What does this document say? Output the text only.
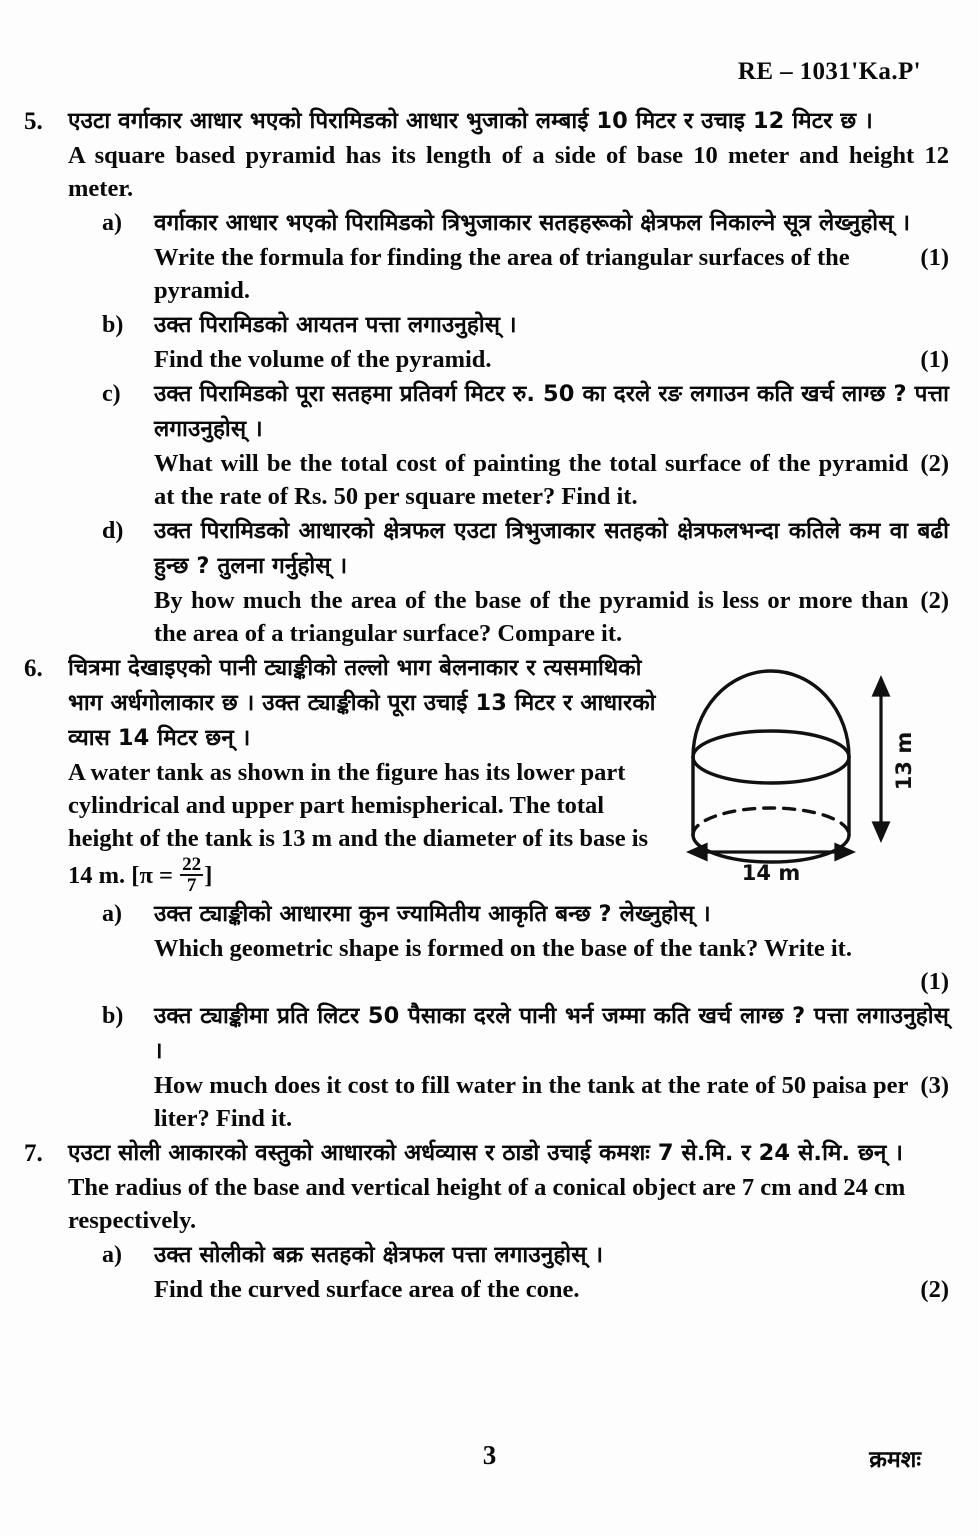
RE – 1031'Ka.P'
5.	एउटा वर्गाकार आधार भएको पिरामिडको आधार भुजाको लम्बाई 10 मिटर र उचाइ 12 मिटर छ ।
A square based pyramid has its length of a side of base 10 meter and height 12 meter.
a)	वर्गाकार आधार भएको पिरामिडको त्रिभुजाकार सतहहरूको क्षेत्रफल निकाल्ने सूत्र लेख्नुहोस् ।
(1)
Write the formula for finding the area of triangular surfaces of the pyramid.
b)	उक्त पिरामिडको आयतन पत्ता लगाउनुहोस् ।
(1)
Find the volume of the pyramid.
c)	उक्त पिरामिडको पूरा सतहमा प्रतिवर्ग मिटर रु. 50 का दरले रङ लगाउन कति खर्च लाग्छ ? पत्ता लगाउनुहोस् ।
(2)
What will be the total cost of painting the total surface of the pyramid at the rate of Rs. 50 per square meter? Find it.
d)	उक्त पिरामिडको आधारको क्षेत्रफल एउटा त्रिभुजाकार सतहको क्षेत्रफलभन्दा कतिले कम वा बढी हुन्छ ? तुलना गर्नुहोस् ।
(2)
By how much the area of the base of the pyramid is less or more than the area of a triangular surface? Compare it.
6.
13 m
14 m
चित्रमा देखाइएको पानी ट्याङ्कीको तल्लो भाग बेलनाकार र त्यसमाथिको भाग अर्धगोलाकार छ । उक्त ट्याङ्कीको पूरा उचाई 13 मिटर र आधारको व्यास 14 मिटर छन् ।
A water tank as shown in the figure has its lower part cylindrical and upper part hemispherical. The total height of the tank is 13 m and the diameter of its base is 14 m. [$\pi = \frac{22}{7}$ ]
a)	उक्त ट्याङ्कीको आधारमा कुन ज्यामितीय आकृति बन्छ ? लेख्नुहोस् ।
Which geometric shape is formed on the base of the tank? Write it.
(1)
b)	उक्त ट्याङ्कीमा प्रति लिटर 50 पैसाका दरले पानी भर्न जम्मा कति खर्च लाग्छ ? पत्ता लगाउनुहोस् ।
(3)
How much does it cost to fill water in the tank at the rate of 50 paisa per liter? Find it.
7.	एउटा सोली आकारको वस्तुको आधारको अर्धव्यास र ठाडो उचाई कमशः 7 से.मि. र 24 से.मि. छन् ।
The radius of the base and vertical height of a conical object are 7 cm and 24 cm respectively.
a)	उक्त सोलीको बक्र सतहको क्षेत्रफल पत्ता लगाउनुहोस् ।
(2)
Find the curved surface area of the cone.
3	क्रमशः
